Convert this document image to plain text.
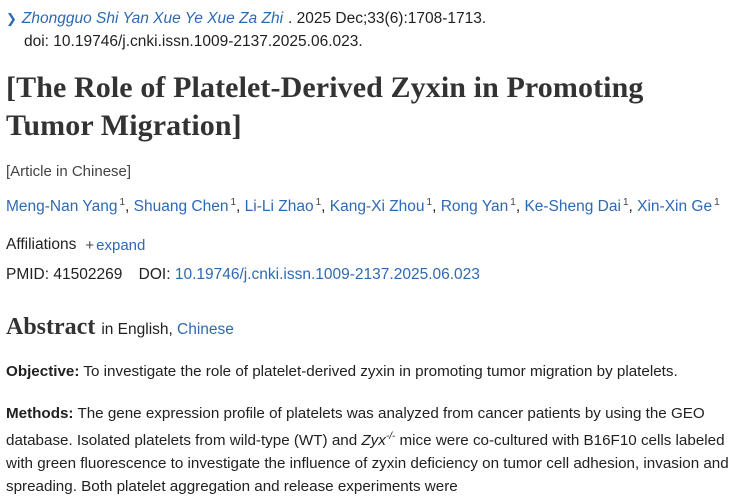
❯ Zhongguo Shi Yan Xue Ye Xue Za Zhi . 2025 Dec;33(6):1708-1713.
doi: 10.19746/j.cnki.issn.1009-2137.2025.06.023.
[The Role of Platelet-Derived Zyxin in Promoting Tumor Migration]
[Article in Chinese]
Meng-Nan Yang $^1$, Shuang Chen $^1$, Li-Li Zhao $^1$, Kang-Xi Zhou $^1$, Rong Yan $^1$, Ke-Sheng Dai $^1$, Xin-Xin Ge $^1$
Affiliations + expand
PMID: 41502269 DOI: 10.19746/j.cnki.issn.1009-2137.2025.06.023
Abstract in English, Chinese
Objective: To investigate the role of platelet-derived zyxin in promoting tumor migration by platelets.
Methods: The gene expression profile of platelets was analyzed from cancer patients by using the GEO database. Isolated platelets from wild-type (WT) and Zyx-/- mice were co-cultured with B16F10 cells labeled with green fluorescence to investigate the influence of zyxin deficiency on tumor cell adhesion, invasion and spreading. Both platelet aggregation and release experiments were
